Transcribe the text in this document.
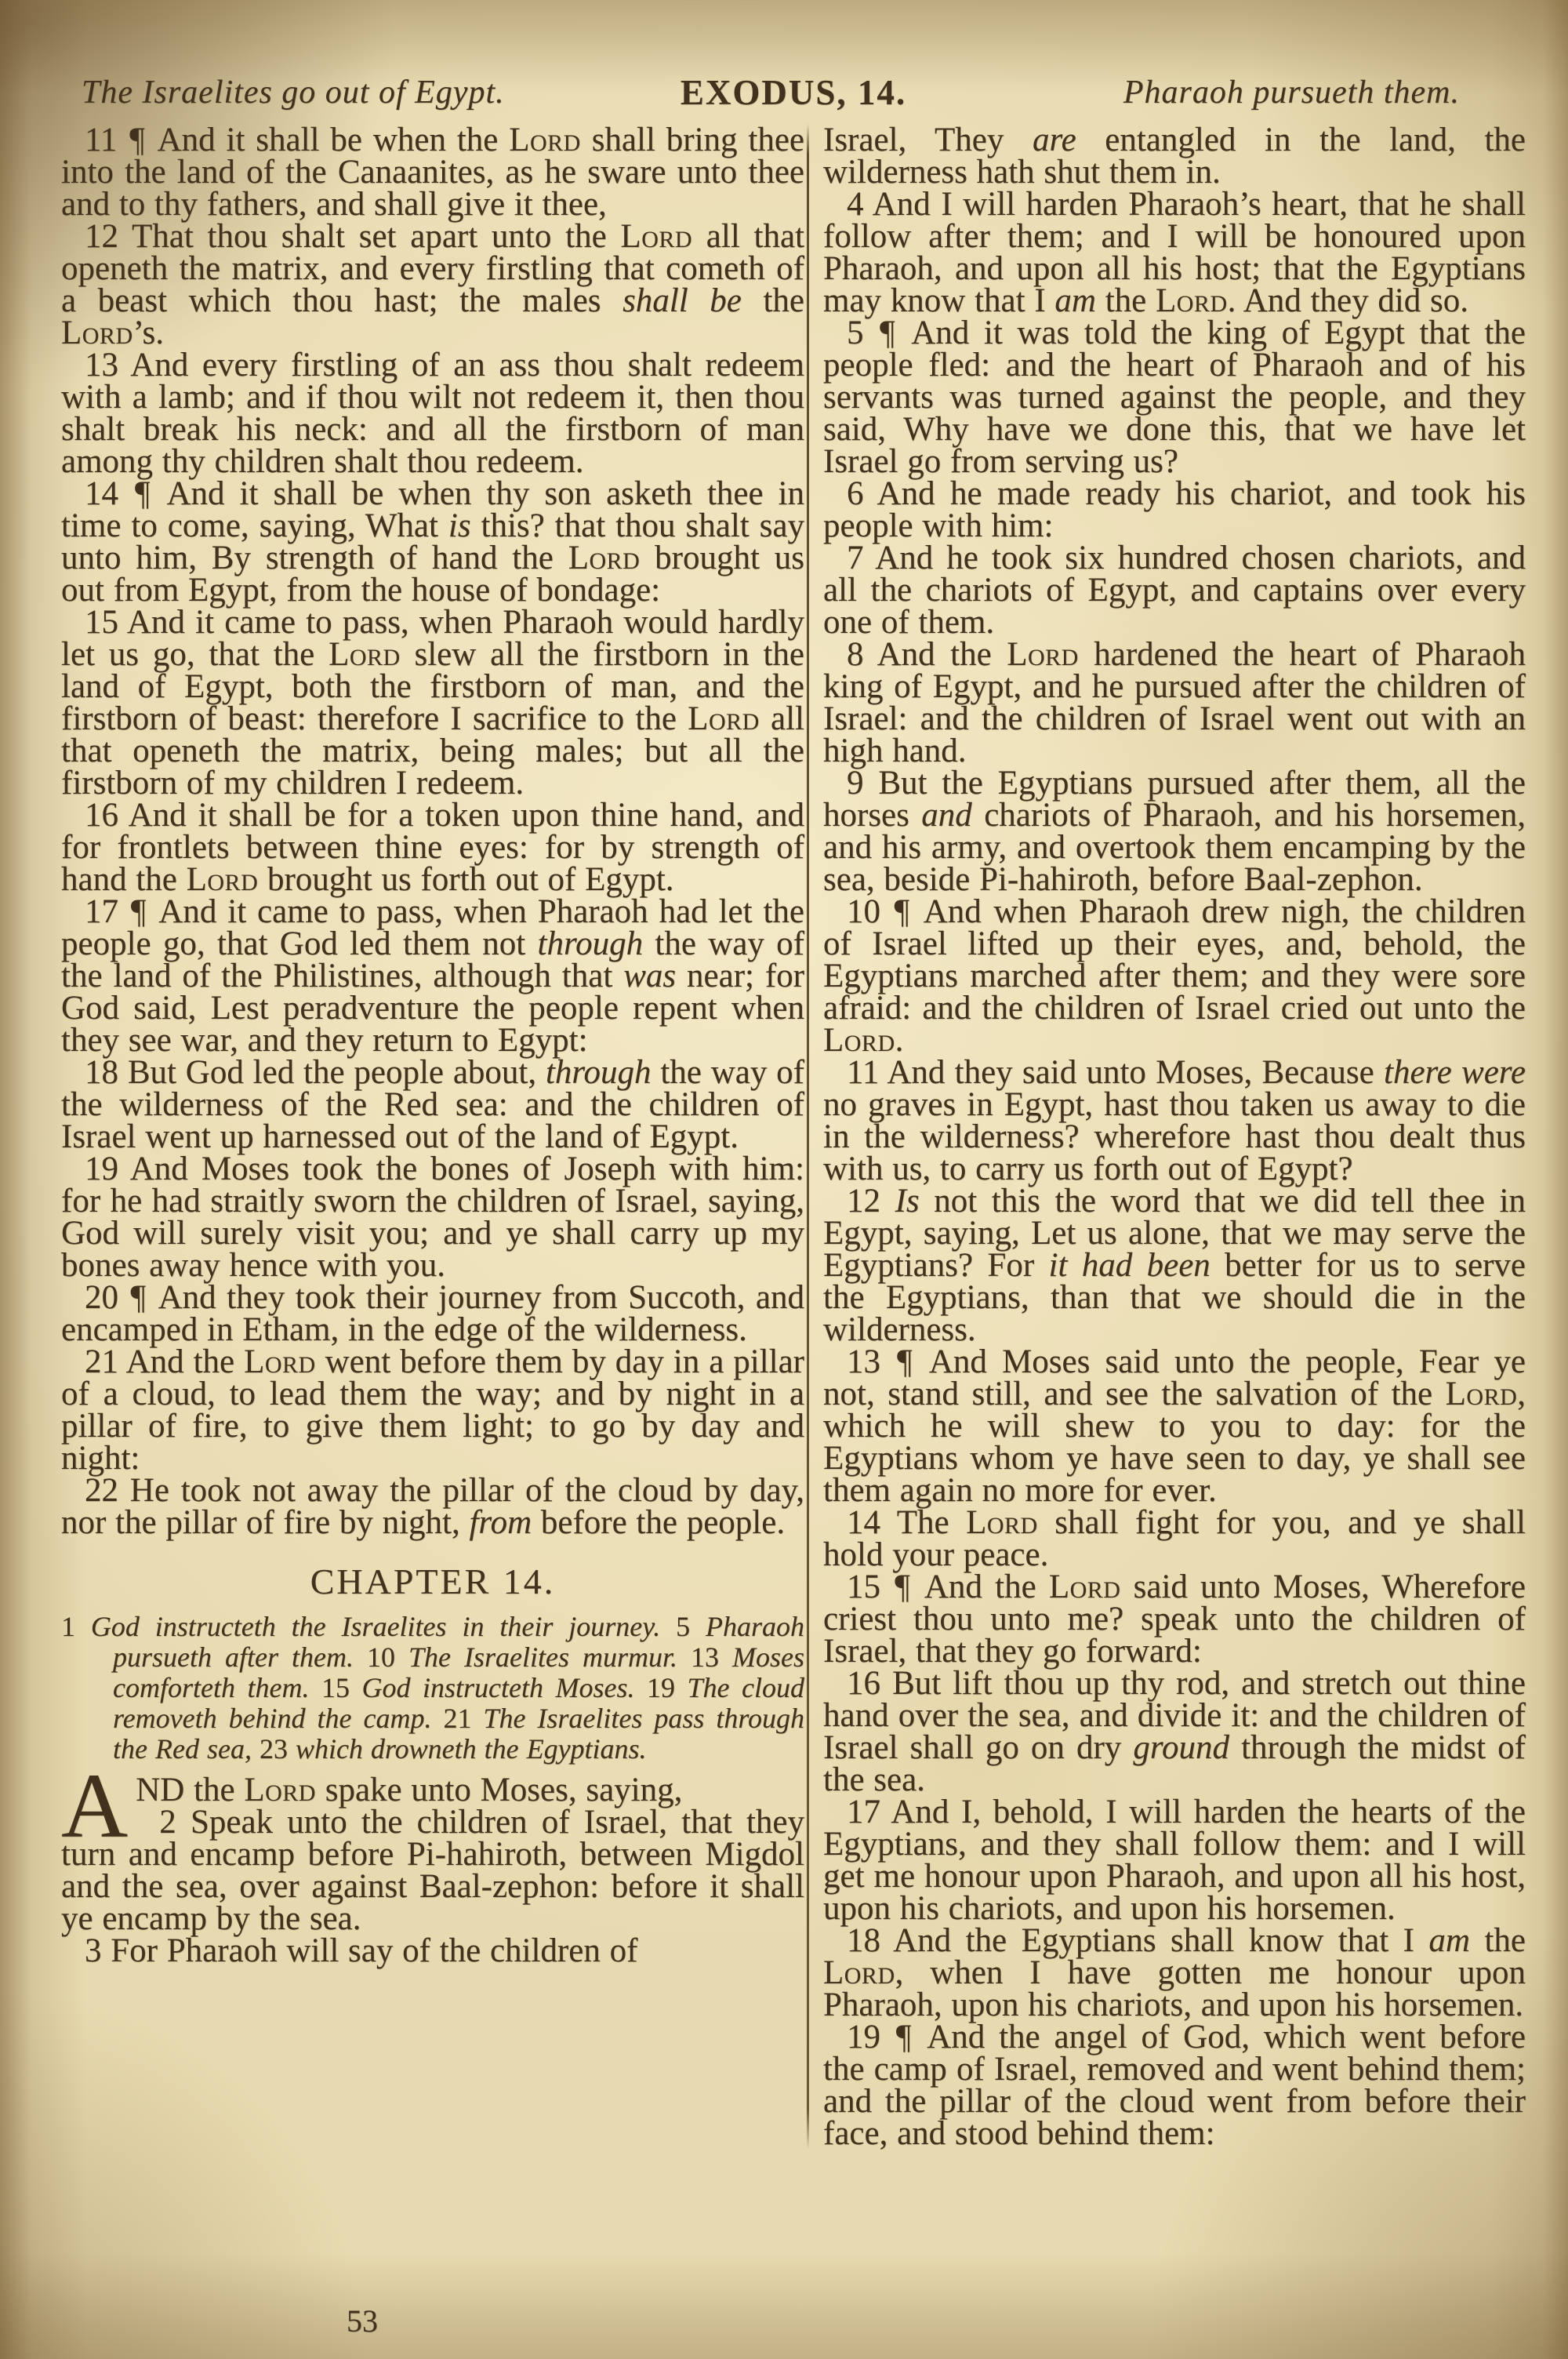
The Israelites go out of Egypt.	EXODUS, 14.	Pharaoh pursueth them.

11 ¶ And it shall be when the Lord shall bring thee into the land of the Canaanites, as he sware unto thee and to thy fathers, and shall give it thee,

12 That thou shalt set apart unto the Lord all that openeth the matrix, and every firstling that cometh of a beast which thou hast; the males shall be the Lord’s.

13 And every firstling of an ass thou shalt redeem with a lamb; and if thou wilt not redeem it, then thou shalt break his neck: and all the firstborn of man among thy children shalt thou redeem.

14 ¶ And it shall be when thy son asketh thee in time to come, saying, What is this? that thou shalt say unto him, By strength of hand the Lord brought us out from Egypt, from the house of bondage:

15 And it came to pass, when Pharaoh would hardly let us go, that the Lord slew all the firstborn in the land of Egypt, both the firstborn of man, and the firstborn of beast: therefore I sacrifice to the Lord all that openeth the matrix, being males; but all the firstborn of my children I redeem.

16 And it shall be for a token upon thine hand, and for frontlets between thine eyes: for by strength of hand the Lord brought us forth out of Egypt.

17 ¶ And it came to pass, when Pharaoh had let the people go, that God led them not through the way of the land of the Philistines, although that was near; for God said, Lest peradventure the people repent when they see war, and they return to Egypt:

18 But God led the people about, through the way of the wilderness of the Red sea: and the children of Israel went up harnessed out of the land of Egypt.

19 And Moses took the bones of Joseph with him: for he had straitly sworn the children of Israel, saying, God will surely visit you; and ye shall carry up my bones away hence with you.

20 ¶ And they took their journey from Succoth, and encamped in Etham, in the edge of the wilderness.

21 And the Lord went before them by day in a pillar of a cloud, to lead them the way; and by night in a pillar of fire, to give them light; to go by day and night:

22 He took not away the pillar of the cloud by day, nor the pillar of fire by night, from before the people.

CHAPTER 14.

1 God instructeth the Israelites in their journey. 5 Pharaoh pursueth after them. 10 The Israelites murmur. 13 Moses comforteth them. 15 God instructeth Moses. 19 The cloud removeth behind the camp. 21 The Israelites pass through the Red sea, 23 which drowneth the Egyptians.

AND the Lord spake unto Moses, saying,

2 Speak unto the children of Israel, that they turn and encamp before Pi-hahiroth, between Migdol and the sea, over against Baal-zephon: before it shall ye encamp by the sea.

3 For Pharaoh will say of the children of

Israel, They are entangled in the land, the wilderness hath shut them in.

4 And I will harden Pharaoh’s heart, that he shall follow after them; and I will be honoured upon Pharaoh, and upon all his host; that the Egyptians may know that I am the Lord. And they did so.

5 ¶ And it was told the king of Egypt that the people fled: and the heart of Pharaoh and of his servants was turned against the people, and they said, Why have we done this, that we have let Israel go from serving us?

6 And he made ready his chariot, and took his people with him:

7 And he took six hundred chosen chariots, and all the chariots of Egypt, and captains over every one of them.

8 And the Lord hardened the heart of Pharaoh king of Egypt, and he pursued after the children of Israel: and the children of Israel went out with an high hand.

9 But the Egyptians pursued after them, all the horses and chariots of Pharaoh, and his horsemen, and his army, and overtook them encamping by the sea, beside Pi-hahiroth, before Baal-zephon.

10 ¶ And when Pharaoh drew nigh, the children of Israel lifted up their eyes, and, behold, the Egyptians marched after them; and they were sore afraid: and the children of Israel cried out unto the Lord.

11 And they said unto Moses, Because there were no graves in Egypt, hast thou taken us away to die in the wilderness? wherefore hast thou dealt thus with us, to carry us forth out of Egypt?

12 Is not this the word that we did tell thee in Egypt, saying, Let us alone, that we may serve the Egyptians? For it had been better for us to serve the Egyptians, than that we should die in the wilderness.

13 ¶ And Moses said unto the people, Fear ye not, stand still, and see the salvation of the Lord, which he will shew to you to day: for the Egyptians whom ye have seen to day, ye shall see them again no more for ever.

14 The Lord shall fight for you, and ye shall hold your peace.

15 ¶ And the Lord said unto Moses, Wherefore criest thou unto me? speak unto the children of Israel, that they go forward:

16 But lift thou up thy rod, and stretch out thine hand over the sea, and divide it: and the children of Israel shall go on dry ground through the midst of the sea.

17 And I, behold, I will harden the hearts of the Egyptians, and they shall follow them: and I will get me honour upon Pharaoh, and upon all his host, upon his chariots, and upon his horsemen.

18 And the Egyptians shall know that I am the Lord, when I have gotten me honour upon Pharaoh, upon his chariots, and upon his horsemen.

19 ¶ And the angel of God, which went before the camp of Israel, removed and went behind them; and the pillar of the cloud went from before their face, and stood behind them:

53
